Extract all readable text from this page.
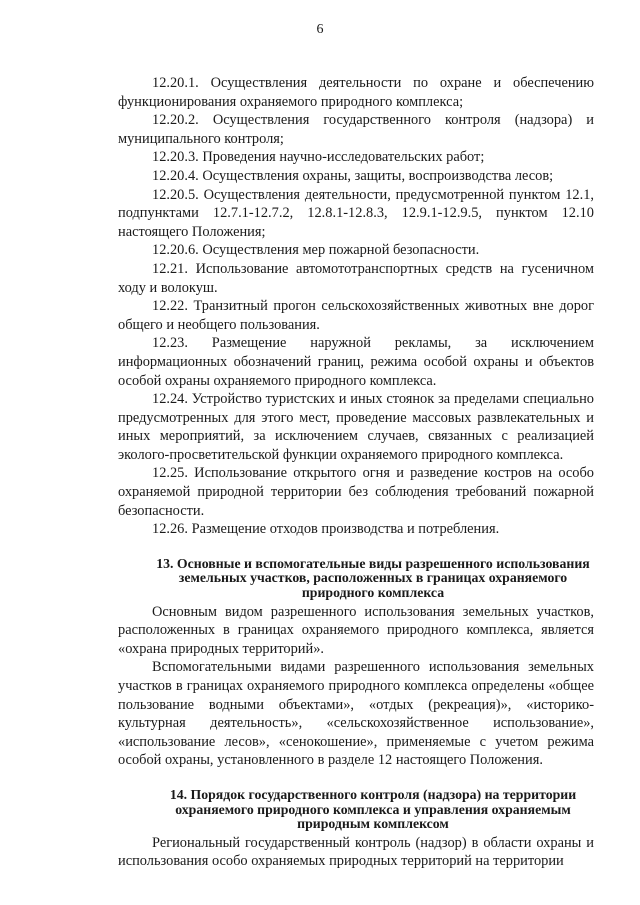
6

12.20.1. Осуществления деятельности по охране и обеспечению функционирования охраняемого природного комплекса;

12.20.2. Осуществления государственного контроля (надзора) и муниципального контроля;

12.20.3. Проведения научно-исследовательских работ;

12.20.4. Осуществления охраны, защиты, воспроизводства лесов;

12.20.5. Осуществления деятельности, предусмотренной пунктом 12.1, подпунктами 12.7.1-12.7.2, 12.8.1-12.8.3, 12.9.1-12.9.5, пунктом 12.10 настоящего Положения;

12.20.6. Осуществления мер пожарной безопасности.

12.21. Использование автомототранспортных средств на гусеничном ходу и волокуш.

12.22. Транзитный прогон сельскохозяйственных животных вне дорог общего и необщего пользования.

12.23. Размещение наружной рекламы, за исключением информационных обозначений границ, режима особой охраны и объектов особой охраны охраняемого природного комплекса.

12.24. Устройство туристских и иных стоянок за пределами специально предусмотренных для этого мест, проведение массовых развлекательных и иных мероприятий, за исключением случаев, связанных с реализацией эколого-просветительской функции охраняемого природного комплекса.

12.25. Использование открытого огня и разведение костров на особо охраняемой природной территории без соблюдения требований пожарной безопасности.

12.26. Размещение отходов производства и потребления.

13. Основные и вспомогательные виды разрешенного использования земельных участков, расположенных в границах охраняемого природного комплекса

Основным видом разрешенного использования земельных участков, расположенных в границах охраняемого природного комплекса, является «охрана природных территорий».

Вспомогательными видами разрешенного использования земельных участков в границах охраняемого природного комплекса определены «общее пользование водными объектами», «отдых (рекреация)», «историко-культурная деятельность», «сельскохозяйственное использование», «использование лесов», «сенокошение», применяемые с учетом режима особой охраны, установленного в разделе 12 настоящего Положения.

14. Порядок государственного контроля (надзора) на территории охраняемого природного комплекса и управления охраняемым природным комплексом

Региональный государственный контроль (надзор) в области охраны и использования особо охраняемых природных территорий на территории
